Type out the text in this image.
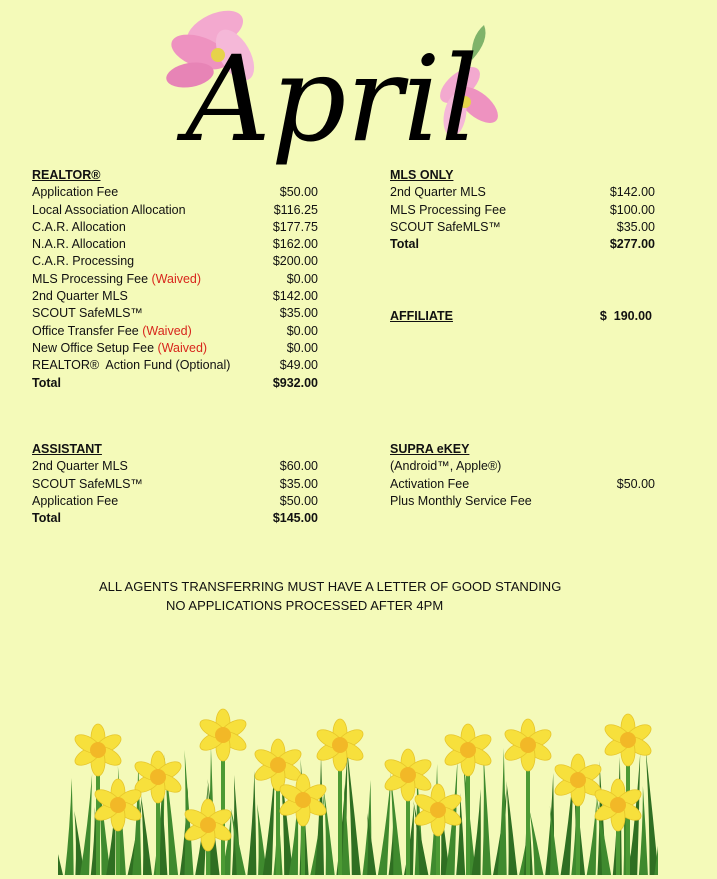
April
REALTOR®
Application Fee	$50.00
Local Association Allocation	$116.25
C.A.R. Allocation	$177.75
N.A.R. Allocation	$162.00
C.A.R. Processing	$200.00
MLS Processing Fee (Waived)	$0.00
2nd Quarter MLS	$142.00
SCOUT SafeMLS™	$35.00
Office Transfer Fee (Waived)	$0.00
New Office Setup Fee (Waived)	$0.00
REALTOR®  Action Fund (Optional)	$49.00
Total	$932.00
MLS ONLY
2nd Quarter MLS	$142.00
MLS Processing Fee	$100.00
SCOUT SafeMLS™	$35.00
Total	$277.00
AFFILIATE	$  190.00
ASSISTANT
2nd Quarter MLS	$60.00
SCOUT SafeMLS™	$35.00
Application Fee	$50.00
Total	$145.00
SUPRA eKEY
(Android™, Apple®)
Activation Fee	$50.00
Plus Monthly Service Fee
ALL AGENTS TRANSFERRING MUST HAVE A LETTER OF GOOD STANDING
NO APPLICATIONS PROCESSED AFTER 4PM
